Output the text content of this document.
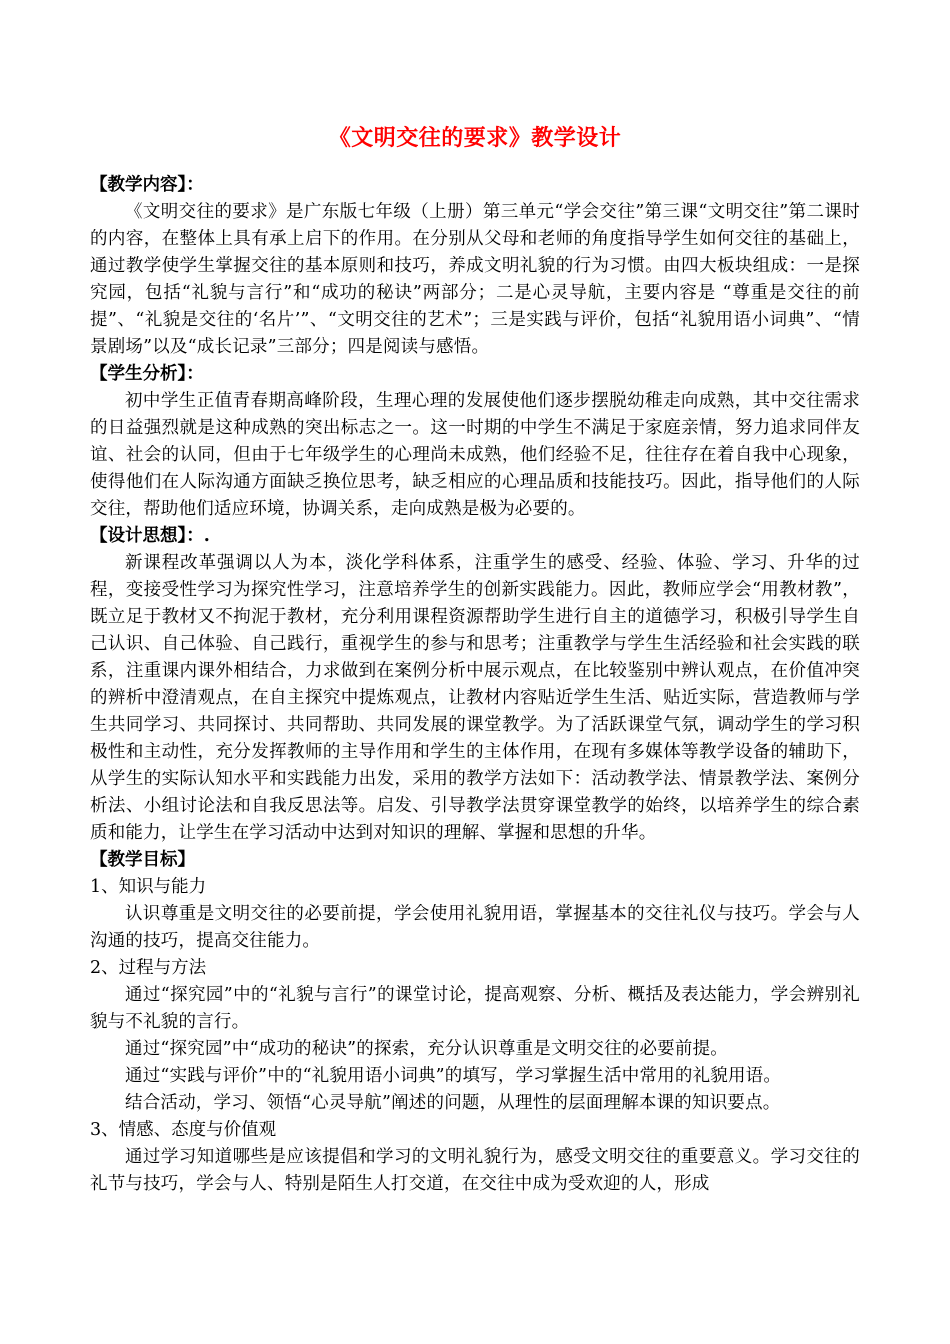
《文明交往的要求》教学设计

【教学内容】：

《文明交往的要求》是广东版七年级（上册）第三单元“学会交往”第三课“文明交往”第二课时的内容，在整体上具有承上启下的作用。在分别从父母和老师的角度指导学生如何交往的基础上，通过教学使学生掌握交往的基本原则和技巧，养成文明礼貌的行为习惯。由四大板块组成：一是探究园，包括“礼貌与言行”和“成功的秘诀”两部分；二是心灵导航，主要内容是 “尊重是交往的前提”、“礼貌是交往的‘名片’”、“文明交往的艺术”；三是实践与评价，包括“礼貌用语小词典”、“情景剧场”以及“成长记录”三部分；四是阅读与感悟。

【学生分析】：

初中学生正值青春期高峰阶段，生理心理的发展使他们逐步摆脱幼稚走向成熟，其中交往需求的日益强烈就是这种成熟的突出标志之一。这一时期的中学生不满足于家庭亲情，努力追求同伴友谊、社会的认同，但由于七年级学生的心理尚未成熟，他们经验不足，往往存在着自我中心现象，使得他们在人际沟通方面缺乏换位思考，缺乏相应的心理品质和技能技巧。因此，指导他们的人际交往，帮助他们适应环境，协调关系，走向成熟是极为必要的。

【设计思想】：.

新课程改革强调以人为本，淡化学科体系，注重学生的感受、经验、体验、学习、升华的过程，变接受性学习为探究性学习，注意培养学生的创新实践能力。因此，教师应学会“用教材教”，既立足于教材又不拘泥于教材，充分利用课程资源帮助学生进行自主的道德学习，积极引导学生自己认识、自己体验、自己践行，重视学生的参与和思考；注重教学与学生生活经验和社会实践的联系，注重课内课外相结合，力求做到在案例分析中展示观点，在比较鉴别中辨认观点，在价值冲突的辨析中澄清观点，在自主探究中提炼观点，让教材内容贴近学生生活、贴近实际，营造教师与学生共同学习、共同探讨、共同帮助、共同发展的课堂教学。为了活跃课堂气氛，调动学生的学习积极性和主动性，充分发挥教师的主导作用和学生的主体作用，在现有多媒体等教学设备的辅助下，从学生的实际认知水平和实践能力出发，采用的教学方法如下：活动教学法、情景教学法、案例分析法、小组讨论法和自我反思法等。启发、引导教学法贯穿课堂教学的始终，以培养学生的综合素质和能力，让学生在学习活动中达到对知识的理解、掌握和思想的升华。

【教学目标】

1、知识与能力

认识尊重是文明交往的必要前提，学会使用礼貌用语，掌握基本的交往礼仪与技巧。学会与人沟通的技巧，提高交往能力。

2、过程与方法

通过“探究园”中的“礼貌与言行”的课堂讨论，提高观察、分析、概括及表达能力，学会辨别礼貌与不礼貌的言行。

通过“探究园”中“成功的秘诀”的探索，充分认识尊重是文明交往的必要前提。

通过“实践与评价”中的“礼貌用语小词典”的填写，学习掌握生活中常用的礼貌用语。

结合活动，学习、领悟“心灵导航”阐述的问题，从理性的层面理解本课的知识要点。

3、情感、态度与价值观

通过学习知道哪些是应该提倡和学习的文明礼貌行为，感受文明交往的重要意义。学习交往的礼节与技巧，学会与人、特别是陌生人打交道，在交往中成为受欢迎的人，形成
